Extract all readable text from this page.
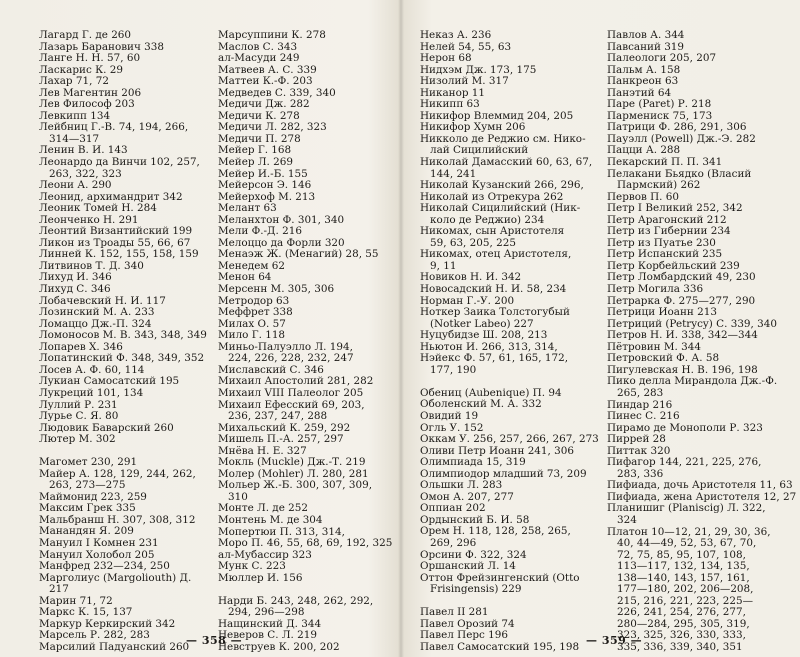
Лагард Г. де 260
Лазарь Баранович 338
Ланге Н. Н. 57, 60
Ласкарис К. 29
Лахар 71, 72
Лев Магентин 206
Лев Философ 203
Левкипп 134
Лейбниц Г.-В. 74, 194, 266,
314—317
Ленин В. И. 143
Леонардо да Винчи 102, 257,
263, 322, 323
Леони А. 290
Леонид, архимандрит 342
Леоник Томей Н. 284
Леонченко Н. 291
Леонтий Византийский 199
Ликон из Троады 55, 66, 67
Линней К. 152, 155, 158, 159
Литвинов Т. Д. 340
Лихуд И. 346
Лихуд С. 346
Лобачевский Н. И. 117
Лозинский М. А. 233
Ломаццо Дж.-П. 324
Ломоносов М. В. 343, 348, 349
Лопарев Х. 346
Лопатинский Ф. 348, 349, 352
Лосев А. Ф. 60, 114
Лукиан Самосатский 195
Лукреций 101, 134
Луллий Р. 231
Лурье С. Я. 80
Людовик Баварский 260
Лютер М. 302
Магомет 230, 291
Майер А. 128, 129, 244, 262,
263, 273—275
Маймонид 223, 259
Максим Грек 335
Мальбранш Н. 307, 308, 312
Манандян Я. 209
Мануил I Комнен 231
Мануил Холобол 205
Манфред 232—234, 250
Марголиус (Margoliouth) Д.
217
Марин 71, 72
Маркс К. 15, 137
Маркур Керкирский 342
Марсель Р. 282, 283
Марсилий Падуанский 260
Марсуппини К. 278
Маслов С. 343
ал-Масуди 249
Матвеев А. С. 339
Маттеи К.-Ф. 203
Медведев С. 339, 340
Медичи Дж. 282
Медичи К. 278
Медичи Л. 282, 323
Медичи П. 278
Мейер Г. 168
Мейер Л. 269
Мейер И.-Б. 155
Мейерсон Э. 146
Мейерхоф М. 213
Мелант 63
Меланхтон Ф. 301, 340
Мели Ф.-Д. 216
Мелоццо да Форли 320
Менаэж Ж. (Менагий) 28, 55
Менедем 62
Менон 64
Мерсенн М. 305, 306
Метродор 63
Меффрет 338
Милах О. 57
Мило Г. 118
Миньо-Палуэлло Л. 194,
224, 226, 228, 232, 247
Миславский С. 346
Михаил Апостолий 281, 282
Михаил VIII Палеолог 205
Михаил Ефесский 69, 203,
236, 237, 247, 288
Михальский К. 259, 292
Мишель П.-А. 257, 297
Мнёва Н. Е. 327
Мокль (Muckle) Дж.-Т. 219
Молер (Mohler) Л. 280, 281
Мольер Ж.-Б. 300, 307, 309,
310
Монте Л. де 252
Монтень М. де 304
Мопертюи П. 313, 314,
Моро П. 46, 55, 68, 69, 192, 325
ал-Мубассир 323
Мунк С. 223
Мюллер И. 156
Нарди Б. 243, 248, 262, 292,
294, 296—298
Нащинский Д. 344
Неверов С. Л. 219
Невструев К. 200, 202
— 358 —
Неказ А. 236
Нелей 54, 55, 63
Нерон 68
Нидхэм Дж. 173, 175
Низолий М. 317
Никанор 11
Никипп 63
Никифор Влеммид 204, 205
Никифор Хумн 206
Никколо де Реджио см. Нико-
лай Сицилийский
Николай Дамасский 60, 63, 67,
144, 241
Николай Кузанский 266, 296,
Николай из Отрекура 262
Николай Сицилийский (Ник-
коло де Реджио) 234
Никомах, сын Аристотеля
59, 63, 205, 225
Никомах, отец Аристотеля,
9, 11
Новиков Н. И. 342
Новосадский Н. И. 58, 234
Норман Г.-У. 200
Ноткер Заика Толстогубый
(Notker Labeo) 227
Нуцубидзе Ш. 208, 213
Ньютон И. 266, 313, 314,
Нэйекс Ф. 57, 61, 165, 172,
177, 190
Обениц (Aubenique) П. 94
Оболенский М. А. 332
Овидий 19
Огль У. 152
Оккам У. 256, 257, 266, 267, 273
Оливи Петр Иоанн 241, 306
Олимпиада 15, 319
Олимпиодор младший 73, 209
Ольшки Л. 283
Омон А. 207, 277
Оппиан 202
Ордынский Б. И. 58
Орем Н. 118, 128, 258, 265,
269, 296
Орсини Ф. 322, 324
Оршанский Л. 14
Оттон Фрейзингенский (Otto
Frisingensis) 229
Павел II 281
Павел Орозий 74
Павел Перс 196
Павел Самосатский 195, 198
Павлов А. 344
Павсаний 319
Палеологи 205, 207
Пальм А. 158
Панкреон 63
Панэтий 64
Паре (Paret) Р. 218
Пармениск 75, 173
Патрици Ф. 286, 291, 306
Пауэлл (Powell) Дж.-Э. 282
Пацци А. 288
Пекарский П. П. 341
Пелакани Бьядко (Власий
Пармский) 262
Первов П. 60
Петр I Великий 252, 342
Петр Арагонский 212
Петр из Гибернии 234
Петр из Пуатье 230
Петр Испанский 235
Петр Корбейльский 239
Петр Ломбардский 49, 230
Петр Могила 336
Петраркa Ф. 275—277, 290
Петрици Иоанн 213
Петриций (Petrycy) С. 339, 340
Петров Н. И. 338, 342—344
Пётровин М. 344
Петровский Ф. А. 58
Пигулевская Н. В. 196, 198
Пико делла Мирандола Дж.-Ф.
265, 283
Пиндар 216
Пинес С. 216
Пирамо де Монополи Р. 323
Пиррей 28
Питтак 320
Пифагор 144, 221, 225, 276,
283, 336
Пифиада, дочь Аристотеля 11, 63
Пифиада, жена Аристотеля 12, 27
Планишиг (Planiscig) Л. 322,
324
Платон 10—12, 21, 29, 30, 36,
40, 44—49, 52, 53, 67, 70,
72, 75, 85, 95, 107, 108,
113—117, 132, 134, 135,
138—140, 143, 157, 161,
177—180, 202, 206—208,
215, 216, 221, 223, 225—
226, 241, 254, 276, 277,
280—284, 295, 305, 319,
323, 325, 326, 330, 333,
335, 336, 339, 340, 351
— 359 —
